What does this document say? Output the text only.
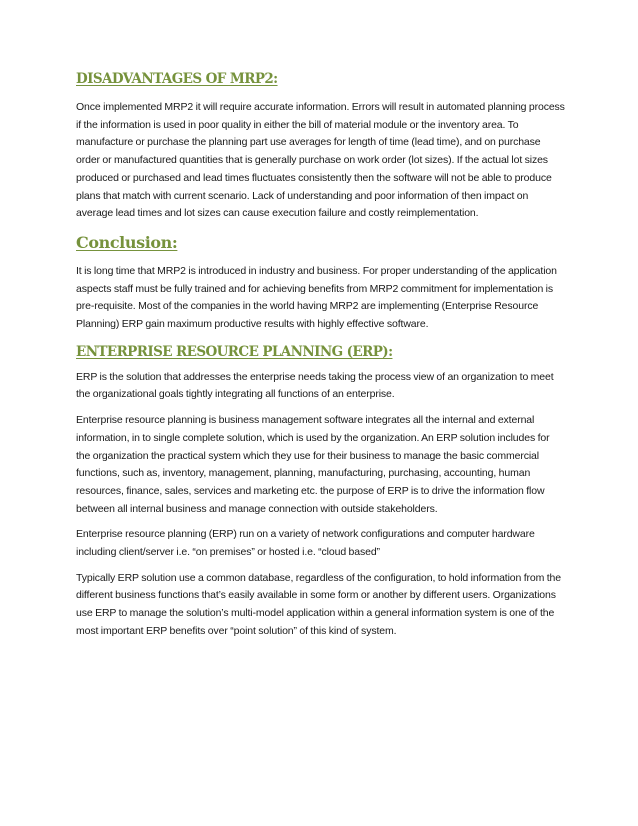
DISADVANTAGES OF MRP2:

Once implemented MRP2 it will require accurate information. Errors will result in automated planning process if the information is used in poor quality in either the bill of material module or the inventory area. To manufacture or purchase the planning part use averages for length of time (lead time), and on purchase order or manufactured quantities that is generally purchase on work order (lot sizes). If the actual lot sizes produced or purchased and lead times fluctuates consistently then the software will not be able to produce plans that match with current scenario. Lack of understanding and poor information of then impact on average lead times and lot sizes can cause execution failure and costly reimplementation.

Conclusion:

It is long time that MRP2 is introduced in industry and business. For proper understanding of the application aspects staff must be fully trained and for achieving benefits from MRP2 commitment for implementation is pre-requisite. Most of the companies in the world having MRP2 are implementing (Enterprise Resource Planning) ERP gain maximum productive results with highly effective software.

ENTERPRISE RESOURCE PLANNING (ERP):

ERP is the solution that addresses the enterprise needs taking the process view of an organization to meet the organizational goals tightly integrating all functions of an enterprise.

Enterprise resource planning is business management software integrates all the internal and external information, in to single complete solution, which is used by the organization. An ERP solution includes for the organization the practical system which they use for their business to manage the basic commercial functions, such as, inventory, management, planning, manufacturing, purchasing, accounting, human resources, finance, sales, services and marketing etc. the purpose of ERP is to drive the information flow between all internal business and manage connection with outside stakeholders.

Enterprise resource planning (ERP) run on a variety of network configurations and computer hardware including client/server i.e. “on premises” or hosted i.e. “cloud based”

Typically ERP solution use a common database, regardless of the configuration, to hold information from the different business functions that’s easily available in some form or another by different users. Organizations use ERP to manage the solution’s multi-model application within a general information system is one of the most important ERP benefits over “point solution” of this kind of system.
